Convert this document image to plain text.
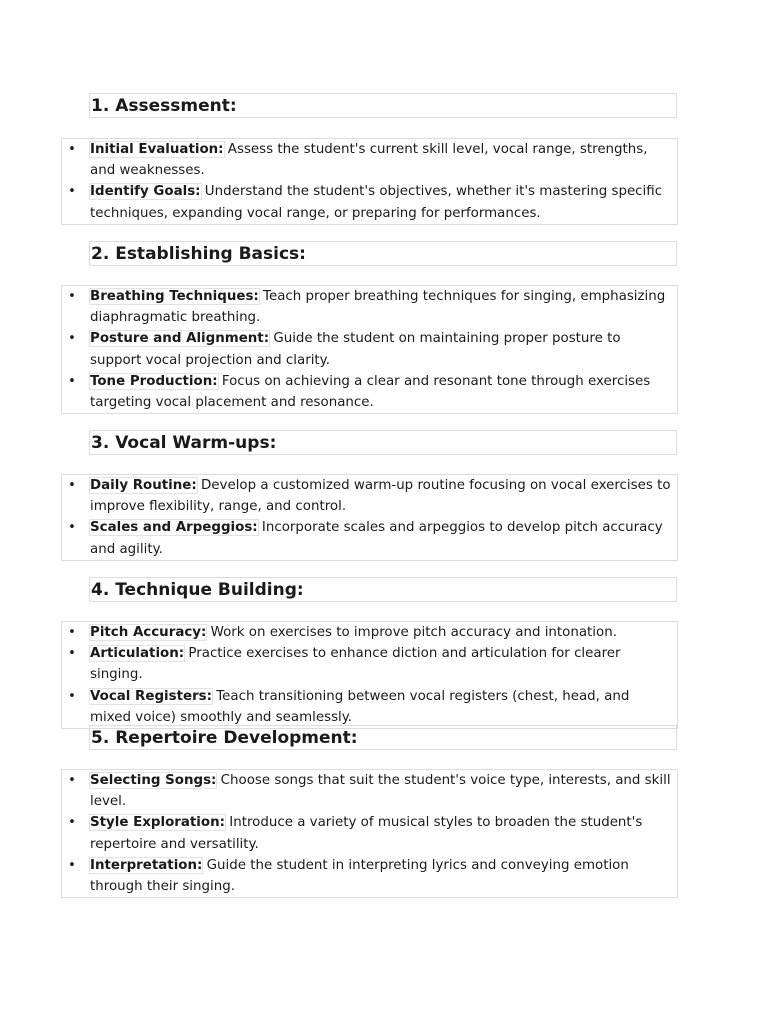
1. Assessment:
• Initial Evaluation: Assess the student's current skill level, vocal range, strengths, and weaknesses.
• Identify Goals: Understand the student's objectives, whether it's mastering specific techniques, expanding vocal range, or preparing for performances.
2. Establishing Basics:
• Breathing Techniques: Teach proper breathing techniques for singing, emphasizing diaphragmatic breathing.
• Posture and Alignment: Guide the student on maintaining proper posture to support vocal projection and clarity.
• Tone Production: Focus on achieving a clear and resonant tone through exercises targeting vocal placement and resonance.
3. Vocal Warm-ups:
• Daily Routine: Develop a customized warm-up routine focusing on vocal exercises to improve flexibility, range, and control.
• Scales and Arpeggios: Incorporate scales and arpeggios to develop pitch accuracy and agility.
4. Technique Building:
• Pitch Accuracy: Work on exercises to improve pitch accuracy and intonation.
• Articulation: Practice exercises to enhance diction and articulation for clearer singing.
• Vocal Registers: Teach transitioning between vocal registers (chest, head, and mixed voice) smoothly and seamlessly.
5. Repertoire Development:
• Selecting Songs: Choose songs that suit the student's voice type, interests, and skill level.
• Style Exploration: Introduce a variety of musical styles to broaden the student's repertoire and versatility.
• Interpretation: Guide the student in interpreting lyrics and conveying emotion through their singing.
